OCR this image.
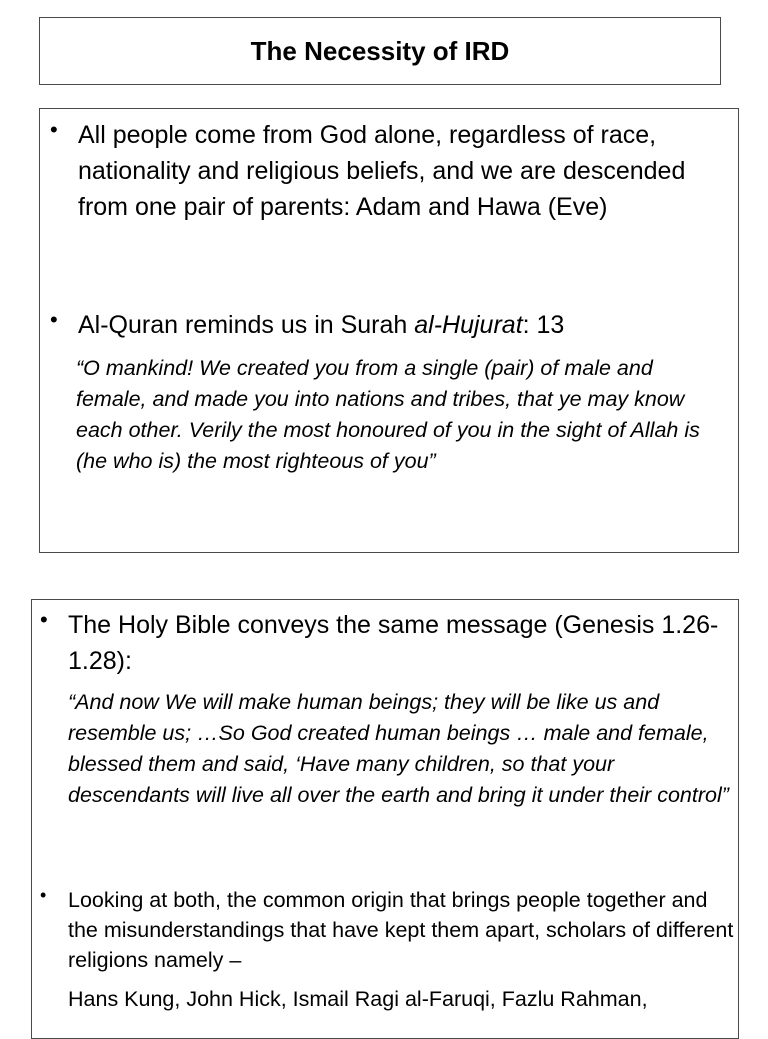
The Necessity of IRD
• All people come from God alone, regardless of race, nationality and religious beliefs, and we are descended from one pair of parents: Adam and Hawa (Eve)
• Al-Quran reminds us in Surah al-Hujurat: 13
“O mankind! We created you from a single (pair) of male and female, and made you into nations and tribes, that ye may know each other. Verily the most honoured of you in the sight of Allah is (he who is) the most righteous of you”
• The Holy Bible conveys the same message (Genesis 1.26-1.28):
“And now We will make human beings; they will be like us and resemble us; …So God created human beings … male and female, blessed them and said, ‘Have many children, so that your descendants will live all over the earth and bring it under their control”
•	Looking at both, the common origin that brings people together and the misunderstandings that have kept them apart, scholars of different religions namely –
Hans Kung, John Hick, Ismail Ragi al-Faruqi, Fazlu Rahman,
